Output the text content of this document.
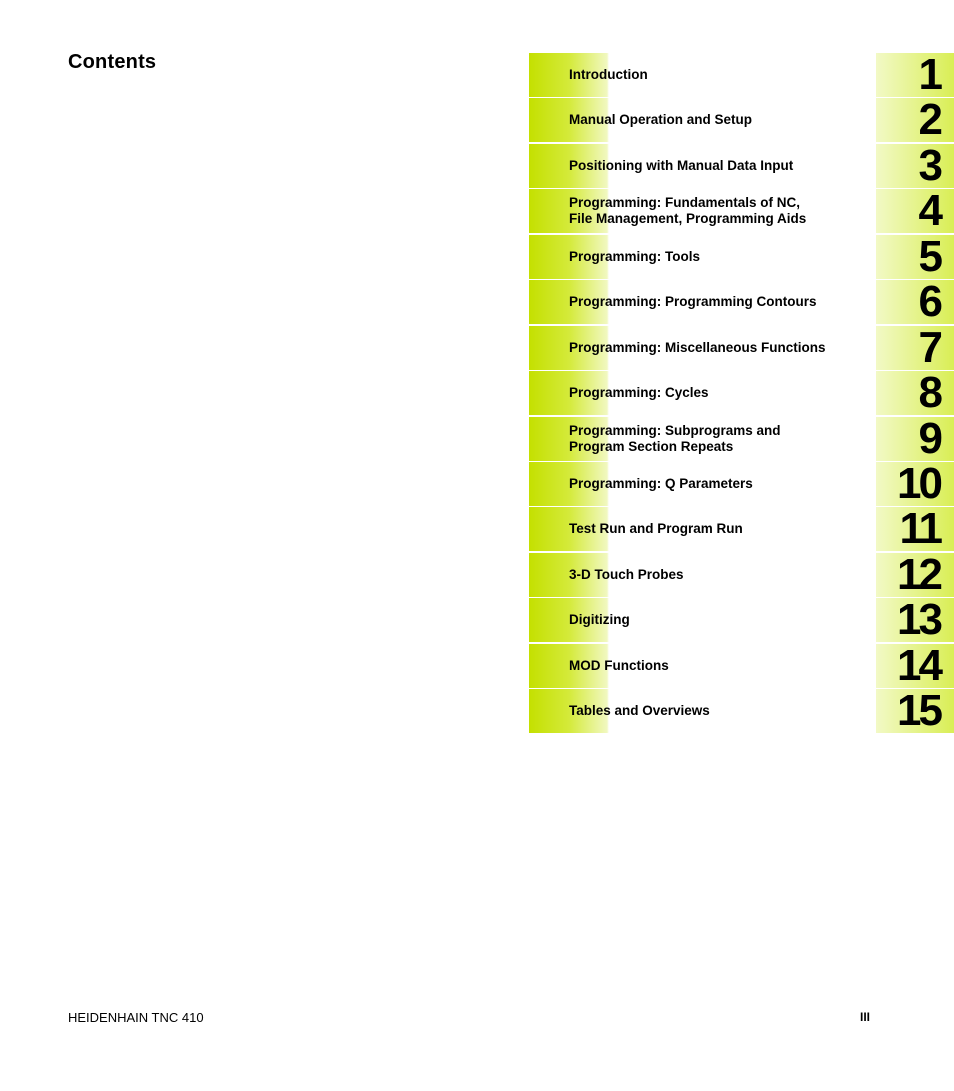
Contents
Introduction
Manual Operation and Setup
Positioning with Manual Data Input
Programming: Fundamentals of NC,
File Management, Programming Aids
Programming: Tools
Programming: Programming Contours
Programming: Miscellaneous Functions
Programming: Cycles
Programming: Subprograms and
Program Section Repeats
Programming: Q Parameters
Test Run and Program Run
3-D Touch Probes
Digitizing
MOD Functions
Tables and Overviews
1
2
3
4
5
6
7
8
9
10
11
12
13
14
15
HEIDENHAIN TNC 410	III
